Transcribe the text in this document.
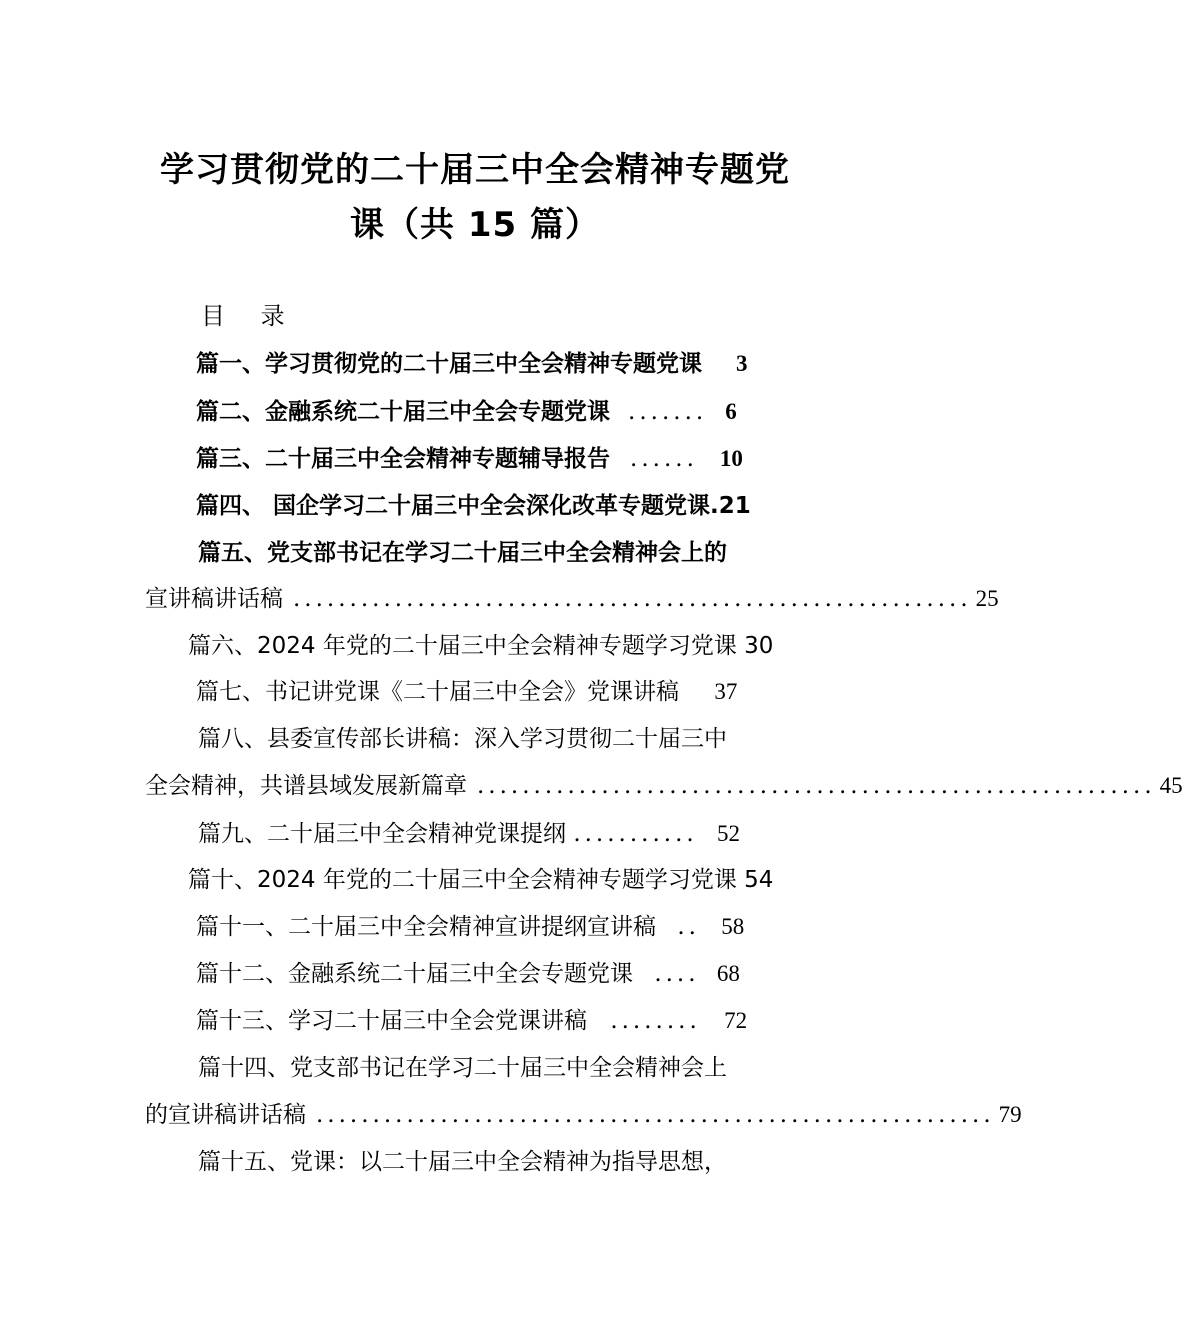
学习贯彻党的二十届三中全会精神专题党
课（共 15 篇）
目 录
篇一、学习贯彻党的二十届三中全会精神专题党课 3
篇二、金融系统二十届三中全会专题党课 ....... 6
篇三、二十届三中全会精神专题辅导报告 ...... 10
篇四、 国企学习二十届三中全会深化改革专题党课.21
篇五、党支部书记在学习二十届三中全会精神会上的
宣讲稿讲话稿 ............................................................ 25
篇六、2024 年党的二十届三中全会精神专题学习党课 30
篇七、书记讲党课《二十届三中全会》党课讲稿 37
篇八、县委宣传部长讲稿：深入学习贯彻二十届三中
全会精神，共谱县域发展新篇章 ............................................................ 45
篇九、二十届三中全会精神党课提纲 ........... 52
篇十、2024 年党的二十届三中全会精神专题学习党课 54
篇十一、二十届三中全会精神宣讲提纲宣讲稿 .. 58
篇十二、金融系统二十届三中全会专题党课 .... 68
篇十三、学习二十届三中全会党课讲稿 ........ 72
篇十四、党支部书记在学习二十届三中全会精神会上
的宣讲稿讲话稿 ............................................................ 79
篇十五、党课：以二十届三中全会精神为指导思想，
